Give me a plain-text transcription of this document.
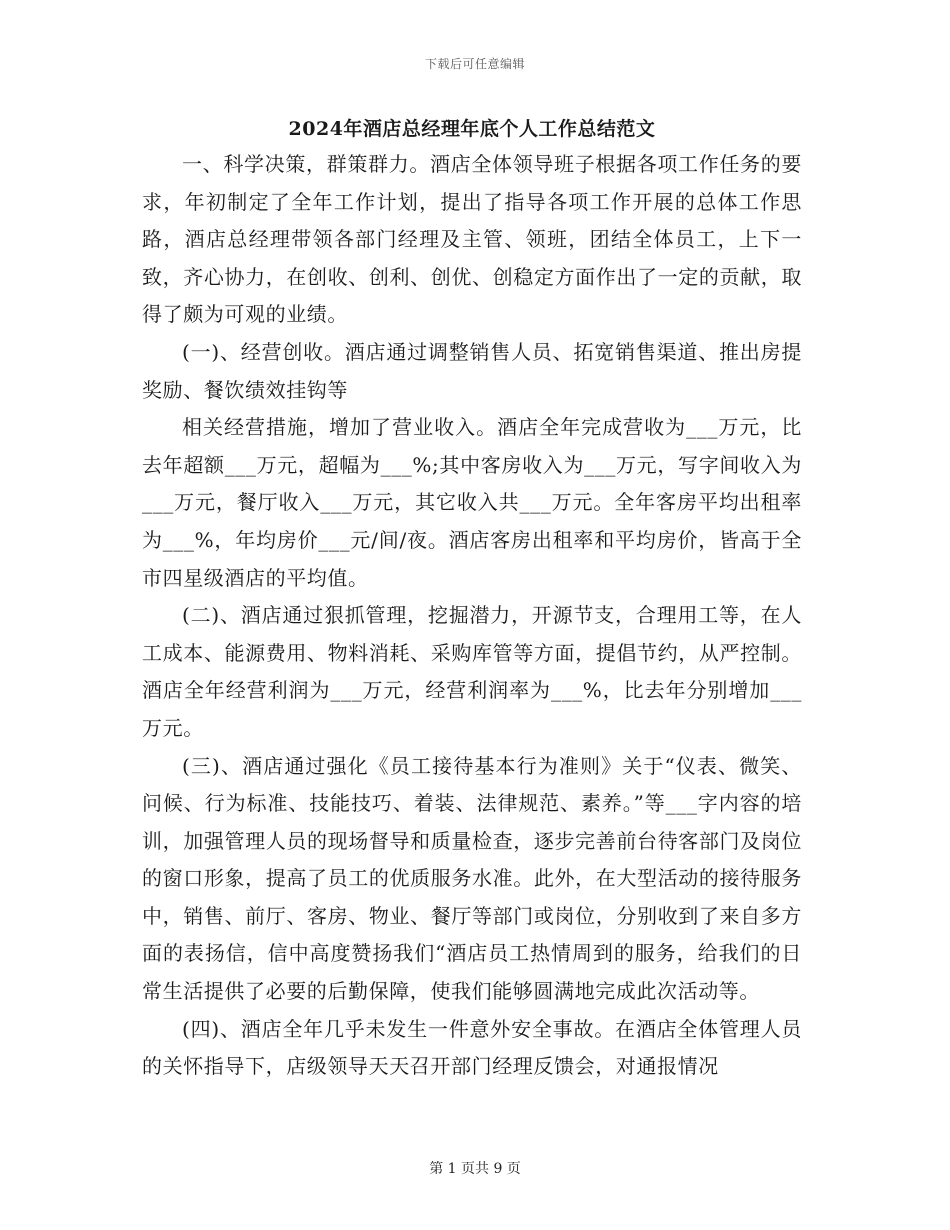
下载后可任意编辑
2024年酒店总经理年底个人工作总结范文

一、科学决策，群策群力。酒店全体领导班子根据各项工作任务的要求，年初制定了全年工作计划，提出了指导各项工作开展的总体工作思路，酒店总经理带领各部门经理及主管、领班，团结全体员工，上下一致，齐心协力，在创收、创利、创优、创稳定方面作出了一定的贡献，取得了颇为可观的业绩。

(一)、经营创收。酒店通过调整销售人员、拓宽销售渠道、推出房提奖励、餐饮绩效挂钩等

相关经营措施，增加了营业收入。酒店全年完成营收为___万元，比去年超额___万元，超幅为___%;其中客房收入为___万元，写字间收入为___万元，餐厅收入___万元，其它收入共___万元。全年客房平均出租率为___%，年均房价___元/间/夜。酒店客房出租率和平均房价，皆高于全市四星级酒店的平均值。

(二)、酒店通过狠抓管理，挖掘潜力，开源节支，合理用工等，在人工成本、能源费用、物料消耗、采购库管等方面，提倡节约，从严控制。酒店全年经营利润为___万元，经营利润率为___%，比去年分别增加___万元。

(三)、酒店通过强化《员工接待基本行为准则》关于“仪表、微笑、问候、行为标准、技能技巧、着装、法律规范、素养。”等___字内容的培训，加强管理人员的现场督导和质量检查，逐步完善前台待客部门及岗位的窗口形象，提高了员工的优质服务水准。此外，在大型活动的接待服务中，销售、前厅、客房、物业、餐厅等部门或岗位，分别收到了来自多方面的表扬信，信中高度赞扬我们“酒店员工热情周到的服务，给我们的日常生活提供了必要的后勤保障，使我们能够圆满地完成此次活动等。

(四)、酒店全年几乎未发生一件意外安全事故。在酒店全体管理人员的关怀指导下，店级领导天天召开部门经理反馈会，对通报情况

第 1 页共 9 页
